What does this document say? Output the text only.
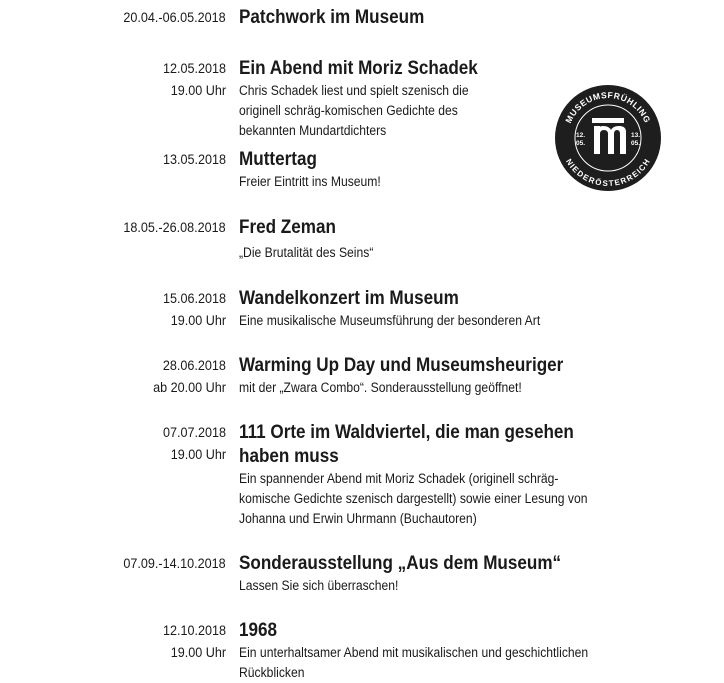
20.04.-06.05.2018 Patchwork im Museum
12.05.2018
19.00 Uhr
Ein Abend mit Moriz Schadek
Chris Schadek liest und spielt szenisch die
originell schräg-komischen Gedichte des
bekannten Mundartdichters
13.05.2018 Muttertag
Freier Eintritt ins Museum!
18.05.-26.08.2018 Fred Zeman
„Die Brutalität des Seins“
15.06.2018
19.00 Uhr
Wandelkonzert im Museum
Eine musikalische Museumsführung der besonderen Art
28.06.2018
ab 20.00 Uhr
Warming Up Day und Museumsheuriger
mit der „Zwara Combo“. Sonderausstellung geöffnet!
07.07.2018
19.00 Uhr
111 Orte im Waldviertel, die man gesehen
haben muss
Ein spannender Abend mit Moriz Schadek (originell schräg-
komische Gedichte szenisch dargestellt) sowie einer Lesung von
Johanna und Erwin Uhrmann (Buchautoren)
07.09.-14.10.2018 Sonderausstellung „Aus dem Museum“
Lassen Sie sich überraschen!
12.10.2018
19.00 Uhr
1968
Ein unterhaltsamer Abend mit musikalischen und geschichtlichen
Rückblicken
MUSEUMSFRÜHLING
NIEDERÖSTERREICH
12.
05.
13.
05.
